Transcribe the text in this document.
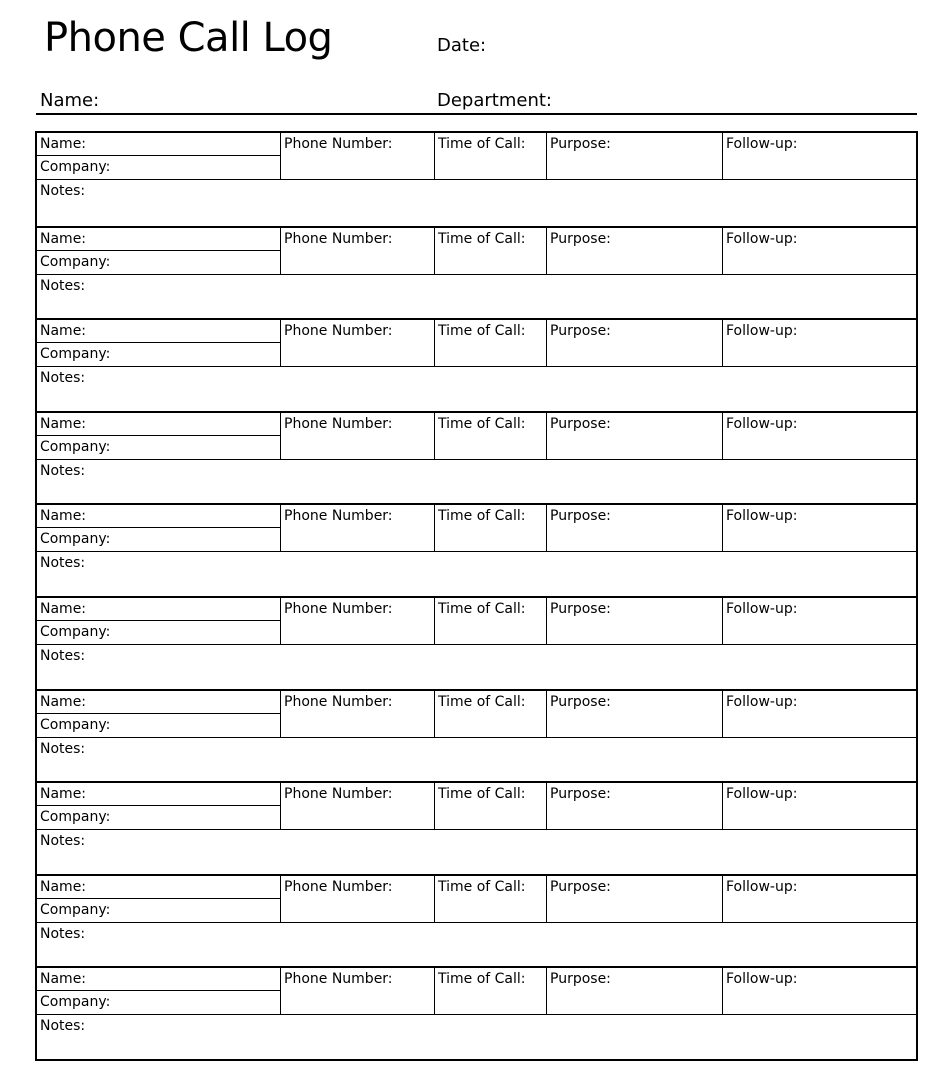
Phone Call Log	Date:
Name:	Department:
Name:
Company:
Phone Number:	Time of Call:	Purpose:	Follow-up:
Notes:
Name:
Company:
Phone Number:	Time of Call:	Purpose:	Follow-up:
Notes:
Name:
Company:
Phone Number:	Time of Call:	Purpose:	Follow-up:
Notes:
Name:
Company:
Phone Number:	Time of Call:	Purpose:	Follow-up:
Notes:
Name:
Company:
Phone Number:	Time of Call:	Purpose:	Follow-up:
Notes:
Name:
Company:
Phone Number:	Time of Call:	Purpose:	Follow-up:
Notes:
Name:
Company:
Phone Number:	Time of Call:	Purpose:	Follow-up:
Notes:
Name:
Company:
Phone Number:	Time of Call:	Purpose:	Follow-up:
Notes:
Name:
Company:
Phone Number:	Time of Call:	Purpose:	Follow-up:
Notes:
Name:
Company:
Phone Number:	Time of Call:	Purpose:	Follow-up:
Notes:
